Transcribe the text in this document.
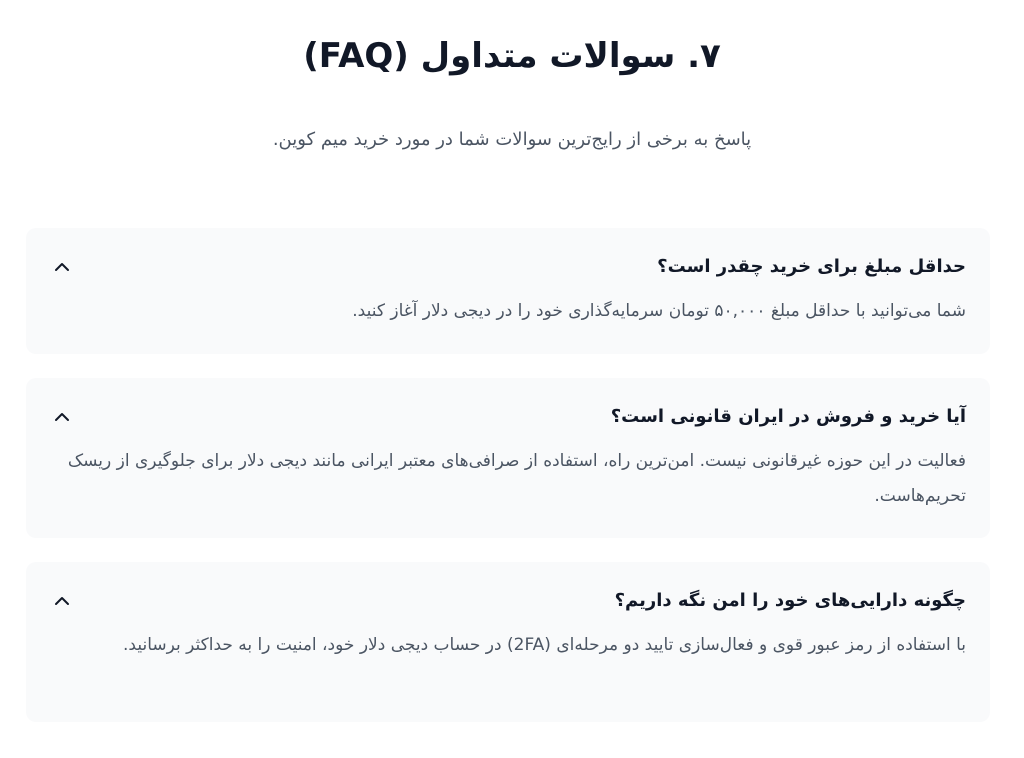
۷. سوالات متداول (FAQ)

پاسخ به برخی از رایج‌ترین سوالات شما در مورد خرید میم کوین.

حداقل مبلغ برای خرید چقدر است؟
شما می‌توانید با حداقل مبلغ ۵۰,۰۰۰ تومان سرمایه‌گذاری خود را در دیجی دلار آغاز کنید.
آیا خرید و فروش در ایران قانونی است؟
فعالیت در این حوزه غیرقانونی نیست. امن‌ترین راه، استفاده از صرافی‌های معتبر ایرانی مانند دیجی دلار برای جلوگیری از ریسک تحریم‌هاست.
چگونه دارایی‌های خود را امن نگه داریم؟
با استفاده از رمز عبور قوی و فعال‌سازی تایید دو مرحله‌ای (2FA) در حساب دیجی دلار خود، امنیت را به حداکثر برسانید.
